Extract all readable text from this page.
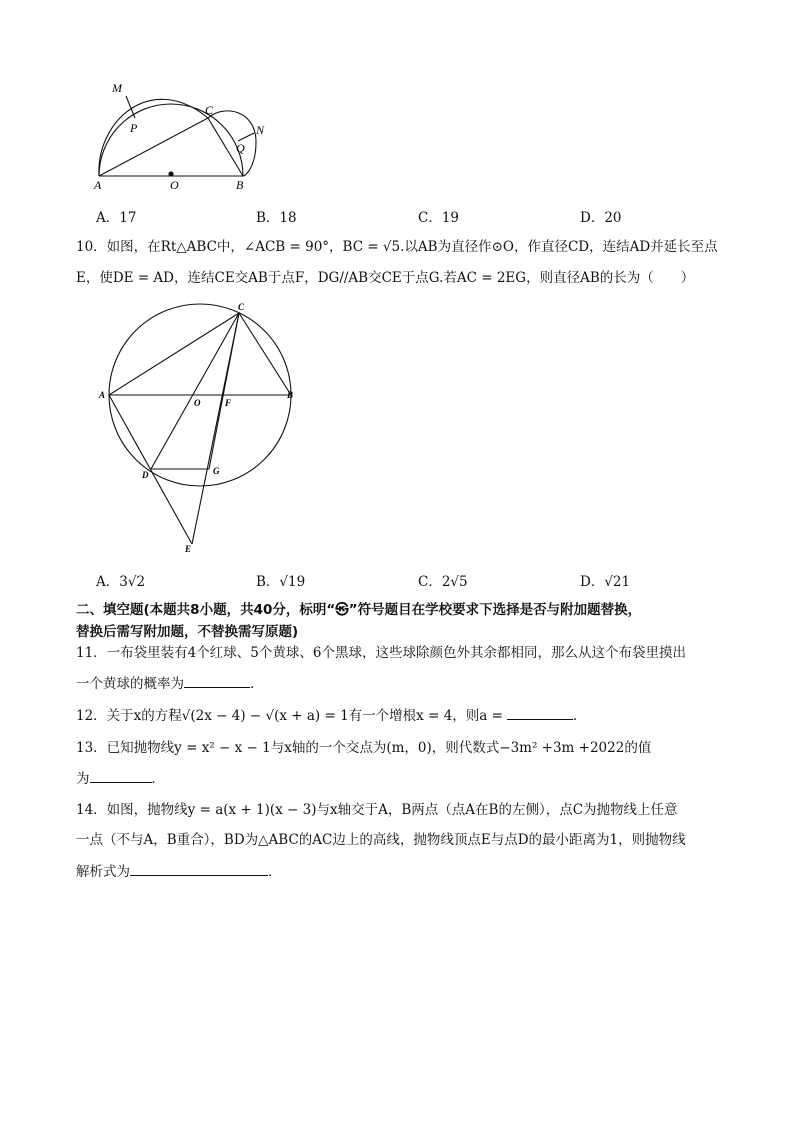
M
P
C
N
Q
A	O	B
A．17	B．18	C．19	D．20
10．如图，在Rt△ABC中，∠ACB = 90°，BC = √5.以AB为直径作⊙O，作直径CD，连结AD并延长至点
E，使DE = AD，连结CE交AB于点F，DG//AB交CE于点G.若AC = 2EG，则直径AB的长为（　　）
C
A
O	F
B
D	G
E
A．3√2	B．√19	C．2√5	D．√21
二、填空题(本题共8小题，共40分，标明“㉿”符号题目在学校要求下选择是否与附加题替换，
替换后需写附加题，不替换需写原题)
11．一布袋里装有4个红球、5个黄球、6个黑球，这些球除颜色外其余都相同，那么从这个布袋里摸出
一个黄球的概率为	．
12．关于x的方程√(2x − 4) − √(x + a) = 1有一个增根x = 4，则a =	．
13．已知抛物线y = x² − x − 1与x轴的一个交点为(m，0)，则代数式−3m² +3m +2022的值
为	．
14．如图，抛物线y = a(x + 1)(x − 3)与x轴交于A，B两点（点A在B的左侧），点C为抛物线上任意
一点（不与A，B重合），BD为△ABC的AC边上的高线，抛物线顶点E与点D的最小距离为1，则抛物线
解析式为	．
